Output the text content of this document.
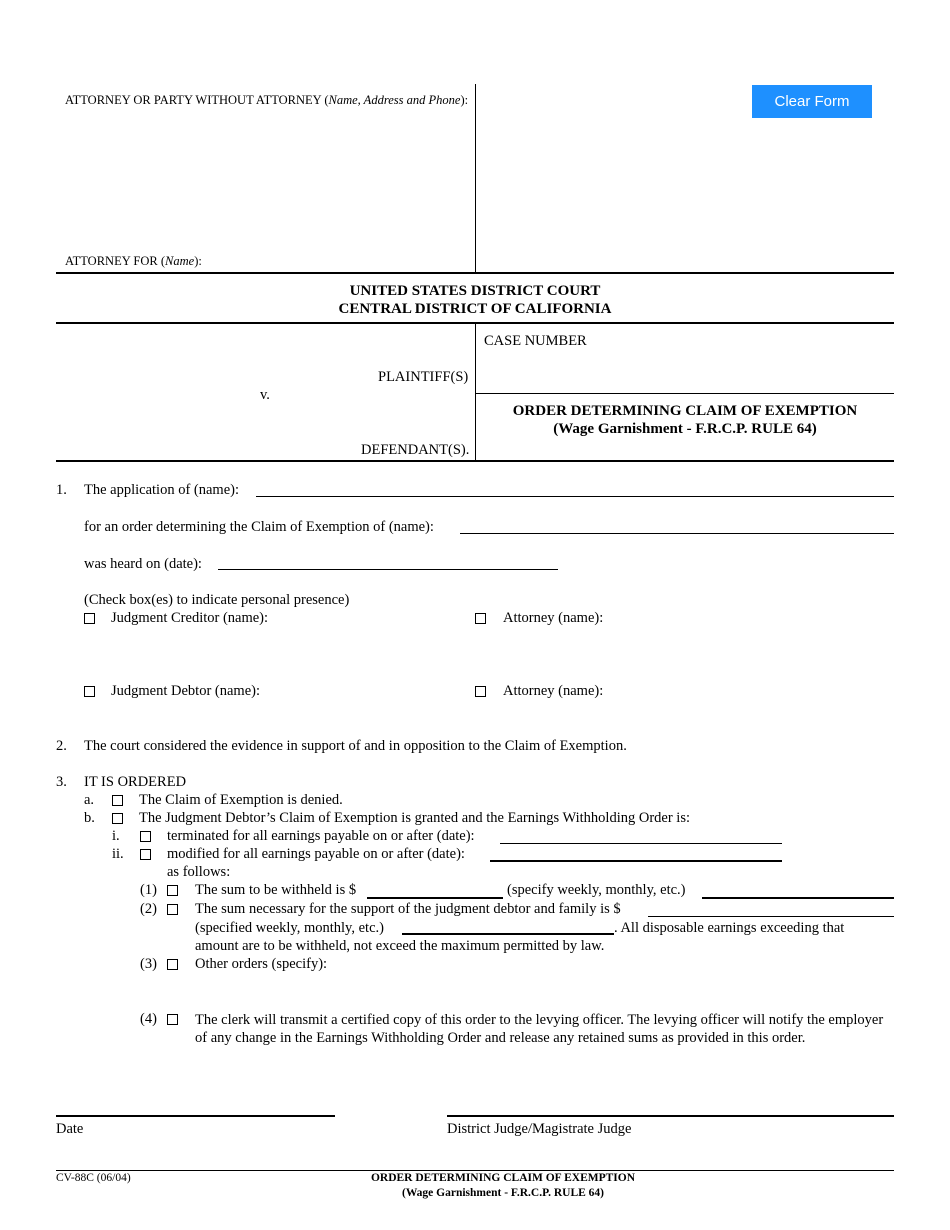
ATTORNEY OR PARTY WITHOUT ATTORNEY (Name, Address and Phone):
ATTORNEY FOR (Name):
Clear Form
UNITED STATES DISTRICT COURT
CENTRAL DISTRICT OF CALIFORNIA
PLAINTIFF(S)
v.
DEFENDANT(S).
CASE NUMBER
ORDER DETERMINING CLAIM OF EXEMPTION
(Wage Garnishment - F.R.C.P. RULE 64)
1. The application of (name):
for an order determining the Claim of Exemption of (name):
was heard on (date):
(Check box(es) to indicate personal presence)
Judgment Creditor (name):	Attorney (name):
Judgment Debtor (name):	Attorney (name):
2. The court considered the evidence in support of and in opposition to the Claim of Exemption.
3. IT IS ORDERED
a.	The Claim of Exemption is denied.
b.	The Judgment Debtor’s Claim of Exemption is granted and the Earnings Withholding Order is:
i.	terminated for all earnings payable on or after (date):
ii.	modified for all earnings payable on or after (date):
as follows:
(1)	The sum to be withheld is $	(specify weekly, monthly, etc.)
(2)	The sum necessary for the support of the judgment debtor and family is $
(specified weekly, monthly, etc.)	. All disposable earnings exceeding that
amount are to be withheld, not exceed the maximum permitted by law.
(3)	Other orders (specify):
(4)	The clerk will transmit a certified copy of this order to the levying officer. The levying officer will notify the employer of any change in the Earnings Withholding Order and release any retained sums as provided in this order.
Date	District Judge/Magistrate Judge
CV-88C (06/04)	ORDER DETERMINING CLAIM OF EXEMPTION
(Wage Garnishment - F.R.C.P. RULE 64)
